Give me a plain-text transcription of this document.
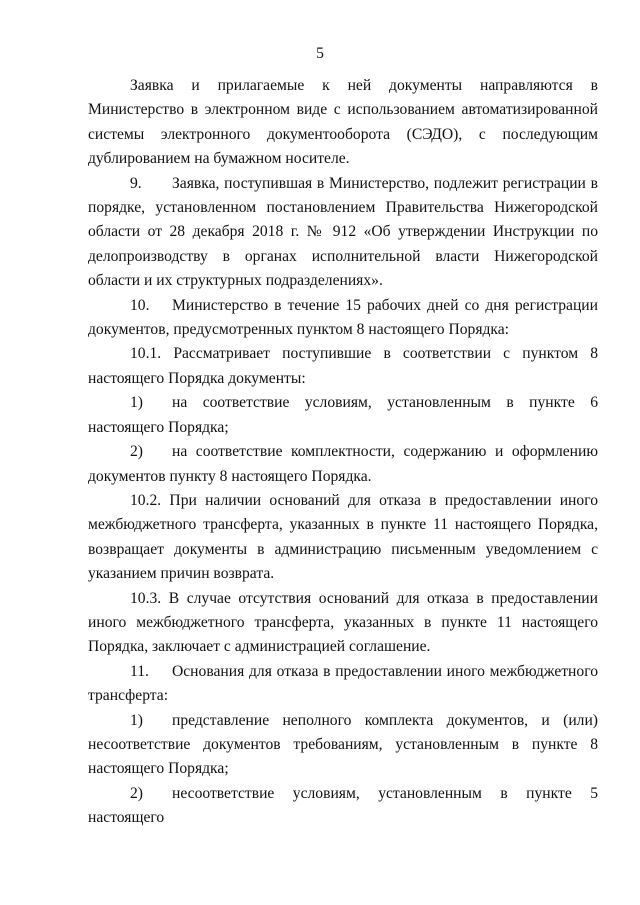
5

Заявка и прилагаемые к ней документы направляются в Министерство в электронном виде с использованием автоматизированной системы электронного документооборота (СЭДО), с последующим дублированием на бумажном носителе.

9. Заявка, поступившая в Министерство, подлежит регистрации в порядке, установленном постановлением Правительства Нижегородской области от 28 декабря 2018 г. № 912 «Об утверждении Инструкции по делопроизводству в органах исполнительной власти Нижегородской области и их структурных подразделениях».

10. Министерство в течение 15 рабочих дней со дня регистрации документов, предусмотренных пунктом 8 настоящего Порядка:

10.1. Рассматривает поступившие в соответствии с пунктом 8 настоящего Порядка документы:

1) на соответствие условиям, установленным в пункте 6 настоящего Порядка;

2) на соответствие комплектности, содержанию и оформлению документов пункту 8 настоящего Порядка.

10.2. При наличии оснований для отказа в предоставлении иного межбюджетного трансферта, указанных в пункте 11 настоящего Порядка, возвращает документы в администрацию письменным уведомлением с указанием причин возврата.

10.3. В случае отсутствия оснований для отказа в предоставлении иного межбюджетного трансферта, указанных в пункте 11 настоящего Порядка, заключает с администрацией соглашение.

11. Основания для отказа в предоставлении иного межбюджетного трансферта:

1) представление неполного комплекта документов, и (или) несоответствие документов требованиям, установленным в пункте 8 настоящего Порядка;

2) несоответствие условиям, установленным в пункте 5 настоящего
